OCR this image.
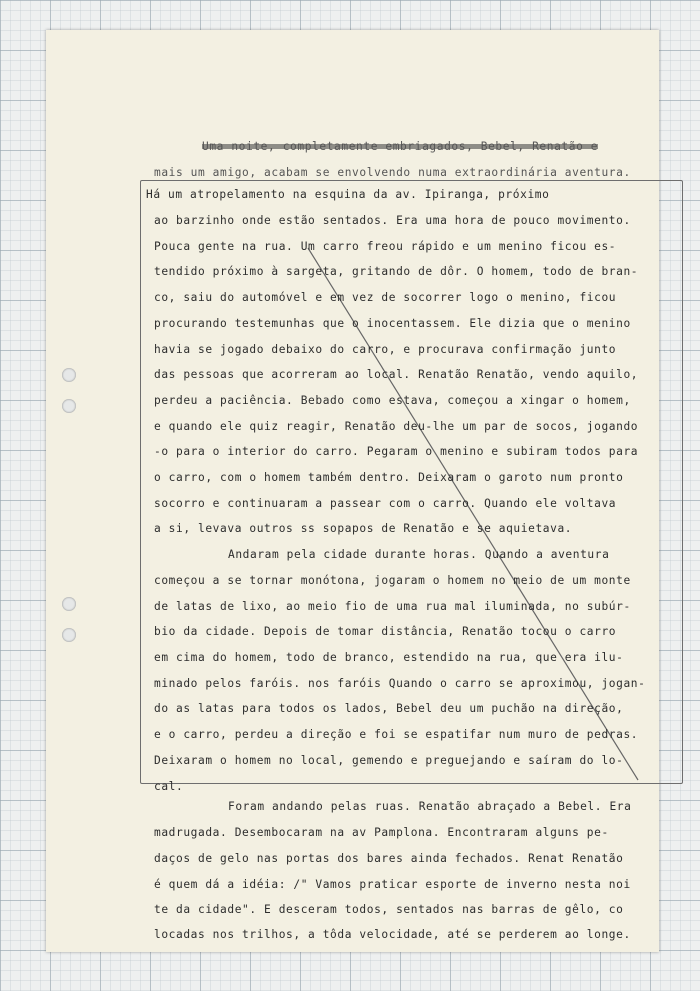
Uma noite, completamente embriagados, Bebel, Renatão e
mais um amigo, acabam se envolvendo numa extraordinária aventura.
Há um atropelamento na esquina da av. Ipiranga, próximo
ao barzinho onde estão sentados. Era uma hora de pouco movimento.
Pouca gente na rua. Um carro freou rápido e um menino ficou es-
tendido próximo à sargeta, gritando de dôr. O homem, todo de bran-
co, saiu do automóvel e em vez de socorrer logo o menino, ficou
procurando testemunhas que o inocentassem. Ele dizia que o menino
havia se jogado debaixo do carro, e procurava confirmação junto
das pessoas que acorreram ao local. Renatão Renatão, vendo aquilo,
perdeu a paciência. Bebado como estava, começou a xingar o homem,
e quando ele quiz reagir, Renatão deu-lhe um par de socos, jogando
-o para o interior do carro. Pegaram o menino e subiram todos para
o carro, com o homem também dentro. Deixaram o garoto num pronto
socorro e continuaram a passear com o carro. Quando ele voltava
a si, levava outros ss sopapos de Renatão e se aquietava.
Andaram pela cidade durante horas. Quando a aventura
começou a se tornar monótona, jogaram o homem no meio de um monte
de latas de lixo, ao meio fio de uma rua mal iluminada, no subúr-
bio da cidade. Depois de tomar distância, Renatão tocou o carro
em cima do homem, todo de branco, estendido na rua, que era ilu-
minado pelos faróis. nos faróis Quando o carro se aproximou, jogan-
do as latas para todos os lados, Bebel deu um puchão na direção,
e o carro, perdeu a direção e foi se espatifar num muro de pedras.
Deixaram o homem no local, gemendo e preguejando e saíram do lo-
cal.
Foram andando pelas ruas. Renatão abraçado a Bebel. Era
madrugada. Desembocaram na av Pamplona. Encontraram alguns pe-
daços de gelo nas portas dos bares ainda fechados. Renat Renatão
é quem dá a idéia: /" Vamos praticar esporte de inverno nesta noi
te da cidade". E desceram todos, sentados nas barras de gêlo, co
locadas nos trilhos, a tôda velocidade, até se perderem ao longe.
